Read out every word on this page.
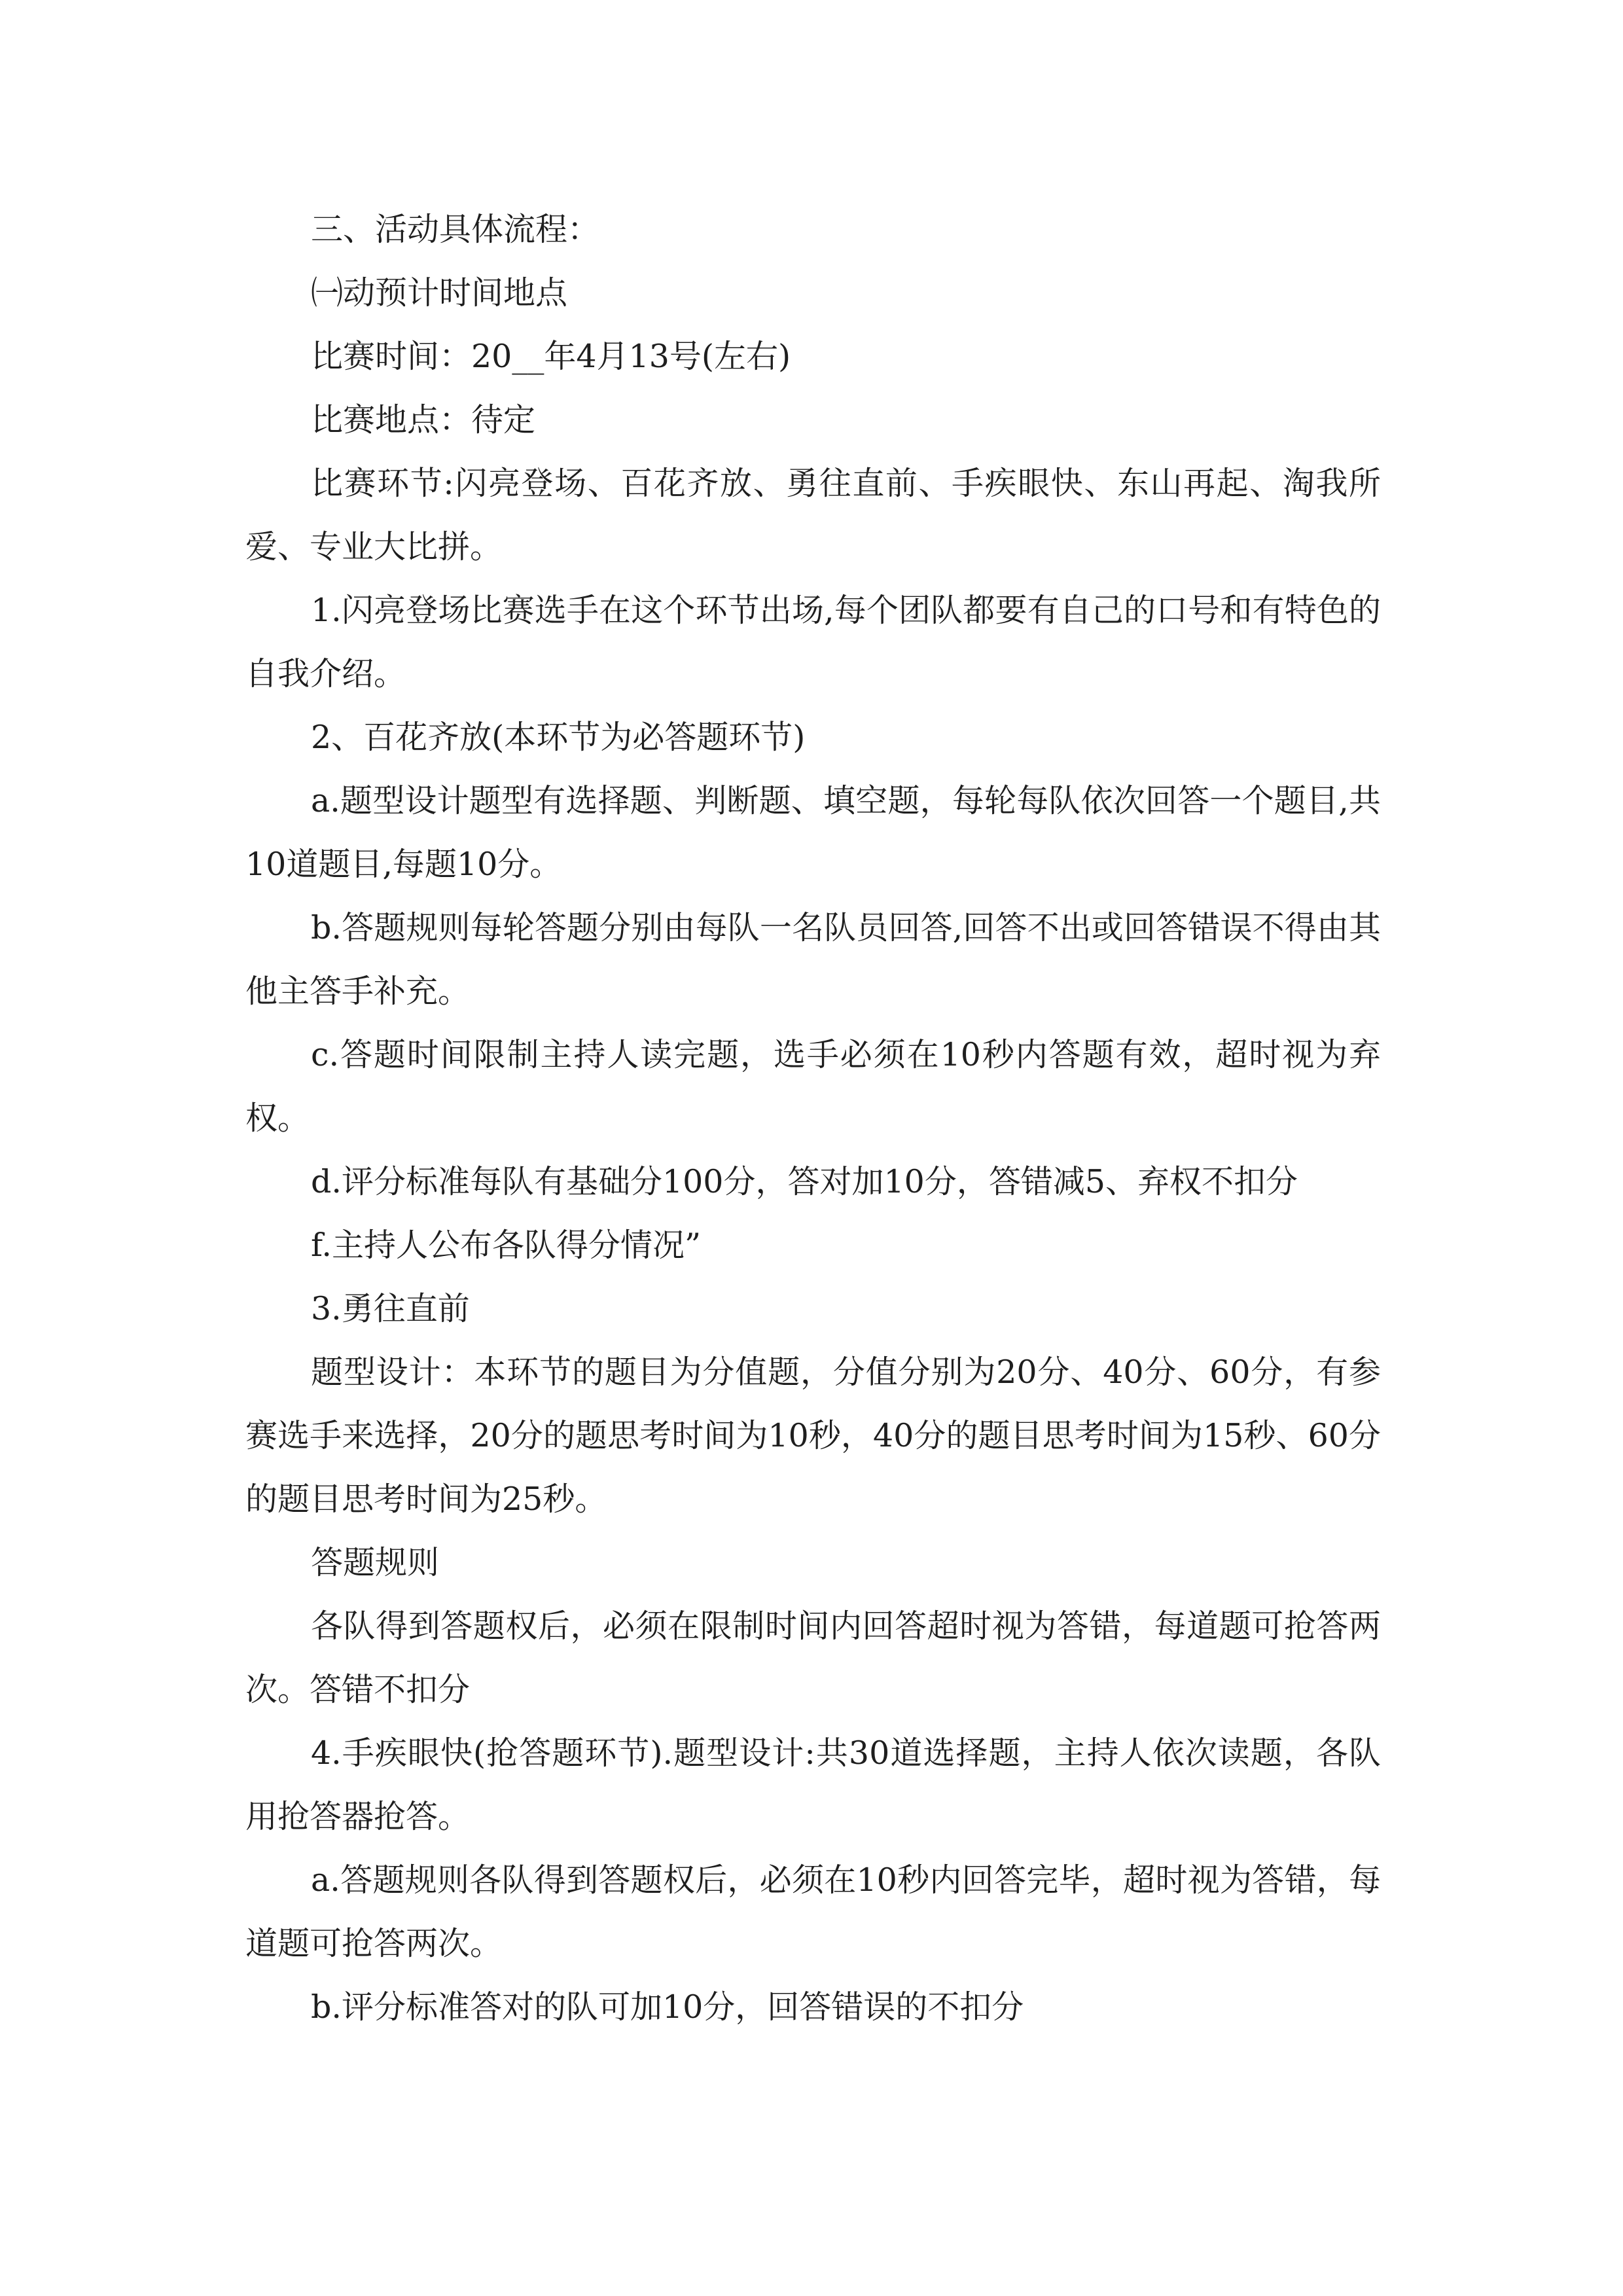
三、活动具体流程：

㈠动预计时间地点

比赛时间：20__年4月13号(左右)

比赛地点：待定

比赛环节:闪亮登场、百花齐放、勇往直前、手疾眼快、东山再起、淘我所爱、专业大比拼。

1.闪亮登场比赛选手在这个环节出场,每个团队都要有自己的口号和有特色的自我介绍。

2、百花齐放(本环节为必答题环节)

a.题型设计题型有选择题、判断题、填空题，每轮每队依次回答一个题目,共10道题目,每题10分。

b.答题规则每轮答题分别由每队一名队员回答,回答不出或回答错误不得由其他主答手补充。

c.答题时间限制主持人读完题，选手必须在10秒内答题有效，超时视为弃权。

d.评分标准每队有基础分100分，答对加10分，答错减5、弃权不扣分

f.主持人公布各队得分情况”

3.勇往直前

题型设计：本环节的题目为分值题，分值分别为20分、40分、60分，有参赛选手来选择，20分的题思考时间为10秒，40分的题目思考时间为15秒、60分的题目思考时间为25秒。

答题规则

各队得到答题权后，必须在限制时间内回答超时视为答错，每道题可抢答两次。答错不扣分

4.手疾眼快(抢答题环节).题型设计:共30道选择题，主持人依次读题，各队用抢答器抢答。

a.答题规则各队得到答题权后，必须在10秒内回答完毕，超时视为答错，每道题可抢答两次。

b.评分标准答对的队可加10分，回答错误的不扣分
